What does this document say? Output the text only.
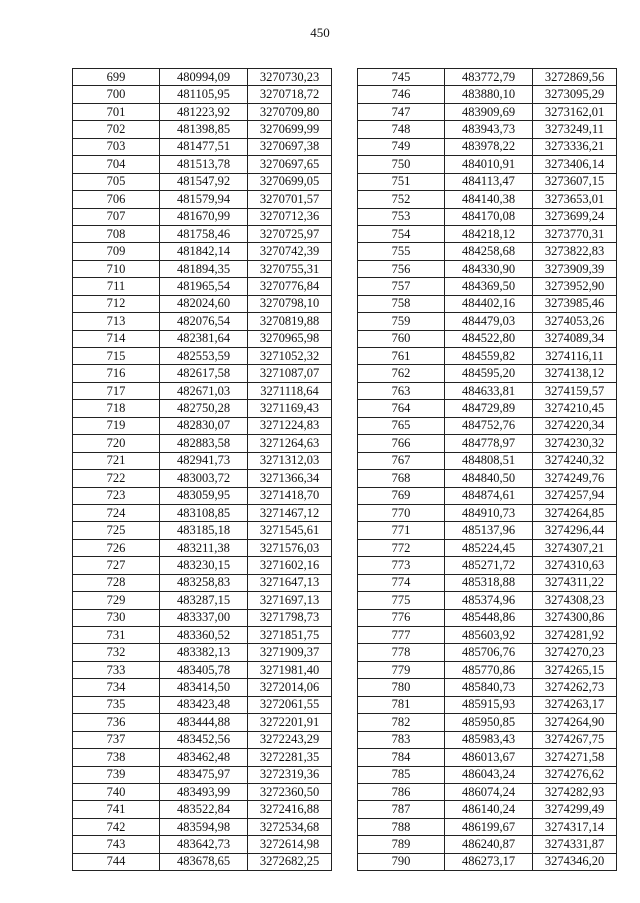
450
699	480994,09	3270730,23
700	481105,95	3270718,72
701	481223,92	3270709,80
702	481398,85	3270699,99
703	481477,51	3270697,38
704	481513,78	3270697,65
705	481547,92	3270699,05
706	481579,94	3270701,57
707	481670,99	3270712,36
708	481758,46	3270725,97
709	481842,14	3270742,39
710	481894,35	3270755,31
711	481965,54	3270776,84
712	482024,60	3270798,10
713	482076,54	3270819,88
714	482381,64	3270965,98
715	482553,59	3271052,32
716	482617,58	3271087,07
717	482671,03	3271118,64
718	482750,28	3271169,43
719	482830,07	3271224,83
720	482883,58	3271264,63
721	482941,73	3271312,03
722	483003,72	3271366,34
723	483059,95	3271418,70
724	483108,85	3271467,12
725	483185,18	3271545,61
726	483211,38	3271576,03
727	483230,15	3271602,16
728	483258,83	3271647,13
729	483287,15	3271697,13
730	483337,00	3271798,73
731	483360,52	3271851,75
732	483382,13	3271909,37
733	483405,78	3271981,40
734	483414,50	3272014,06
735	483423,48	3272061,55
736	483444,88	3272201,91
737	483452,56	3272243,29
738	483462,48	3272281,35
739	483475,97	3272319,36
740	483493,99	3272360,50
741	483522,84	3272416,88
742	483594,98	3272534,68
743	483642,73	3272614,98
744	483678,65	3272682,25
745	483772,79	3272869,56
746	483880,10	3273095,29
747	483909,69	3273162,01
748	483943,73	3273249,11
749	483978,22	3273336,21
750	484010,91	3273406,14
751	484113,47	3273607,15
752	484140,38	3273653,01
753	484170,08	3273699,24
754	484218,12	3273770,31
755	484258,68	3273822,83
756	484330,90	3273909,39
757	484369,50	3273952,90
758	484402,16	3273985,46
759	484479,03	3274053,26
760	484522,80	3274089,34
761	484559,82	3274116,11
762	484595,20	3274138,12
763	484633,81	3274159,57
764	484729,89	3274210,45
765	484752,76	3274220,34
766	484778,97	3274230,32
767	484808,51	3274240,32
768	484840,50	3274249,76
769	484874,61	3274257,94
770	484910,73	3274264,85
771	485137,96	3274296,44
772	485224,45	3274307,21
773	485271,72	3274310,63
774	485318,88	3274311,22
775	485374,96	3274308,23
776	485448,86	3274300,86
777	485603,92	3274281,92
778	485706,76	3274270,23
779	485770,86	3274265,15
780	485840,73	3274262,73
781	485915,93	3274263,17
782	485950,85	3274264,90
783	485983,43	3274267,75
784	486013,67	3274271,58
785	486043,24	3274276,62
786	486074,24	3274282,93
787	486140,24	3274299,49
788	486199,67	3274317,14
789	486240,87	3274331,87
790	486273,17	3274346,20
